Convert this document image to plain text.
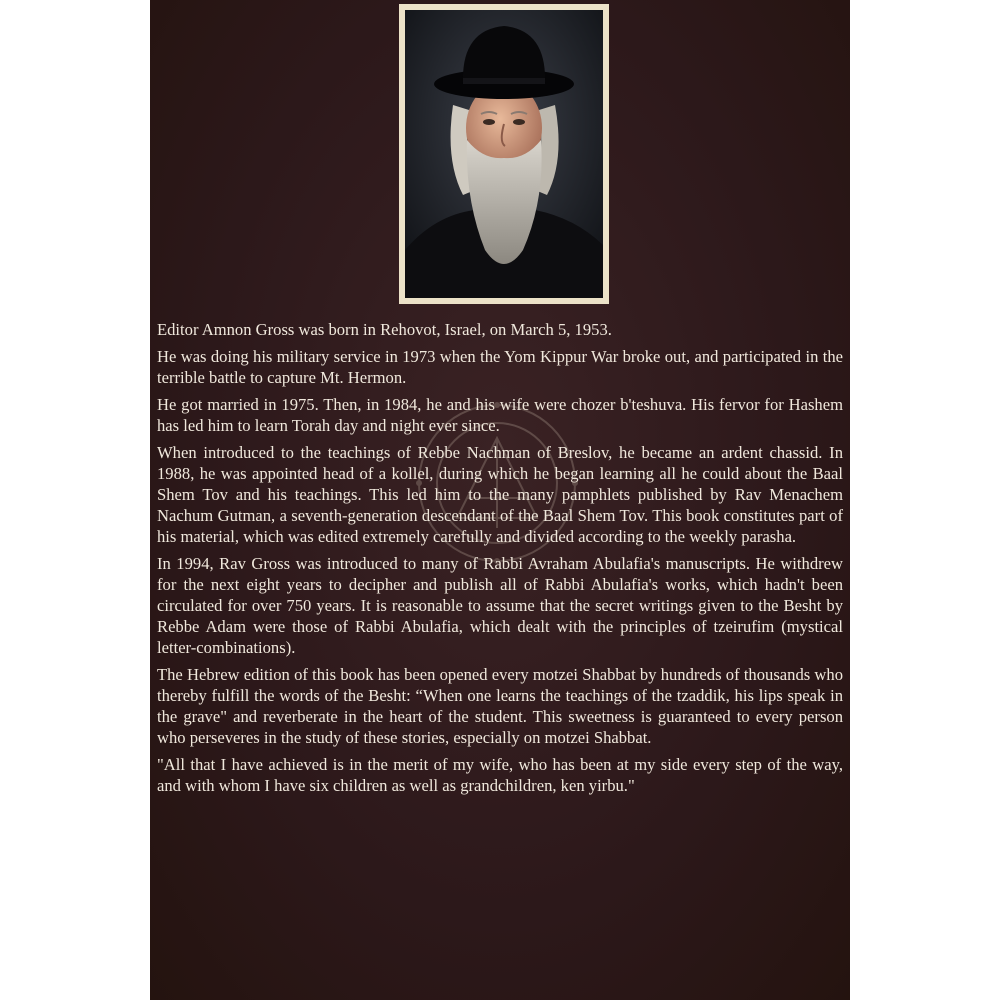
Editor Amnon Gross was born in Rehovot, Israel, on March 5, 1953.

He was doing his military service in 1973 when the Yom Kippur War broke out, and participated in the terrible battle to capture Mt. Hermon.

He got married in 1975. Then, in 1984, he and his wife were chozer b'teshuva. His fervor for Hashem has led him to learn Torah day and night ever since.

When introduced to the teachings of Rebbe Nachman of Breslov, he became an ardent chassid. In 1988, he was appointed head of a kollel, during which he began learning all he could about the Baal Shem Tov and his teachings. This led him to the many pamphlets published by Rav Menachem Nachum Gutman, a seventh-generation descendant of the Baal Shem Tov. This book constitutes part of his material, which was edited extremely carefully and divided according to the weekly parasha.

In 1994, Rav Gross was introduced to many of Rabbi Avraham Abulafia's manuscripts. He withdrew for the next eight years to decipher and publish all of Rabbi Abulafia's works, which hadn't been circulated for over 750 years. It is reasonable to assume that the secret writings given to the Besht by Rebbe Adam were those of Rabbi Abulafia, which dealt with the principles of tzeirufim (mystical letter-combinations).

The Hebrew edition of this book has been opened every motzei Shabbat by hundreds of thousands who thereby fulfill the words of the Besht: “When one learns the teachings of the tzaddik, his lips speak in the grave" and reverberate in the heart of the student. This sweetness is guaranteed to every person who perseveres in the study of these stories, especially on motzei Shabbat.

"All that I have achieved is in the merit of my wife, who has been at my side every step of the way, and with whom I have six children as well as grandchildren, ken yirbu."
